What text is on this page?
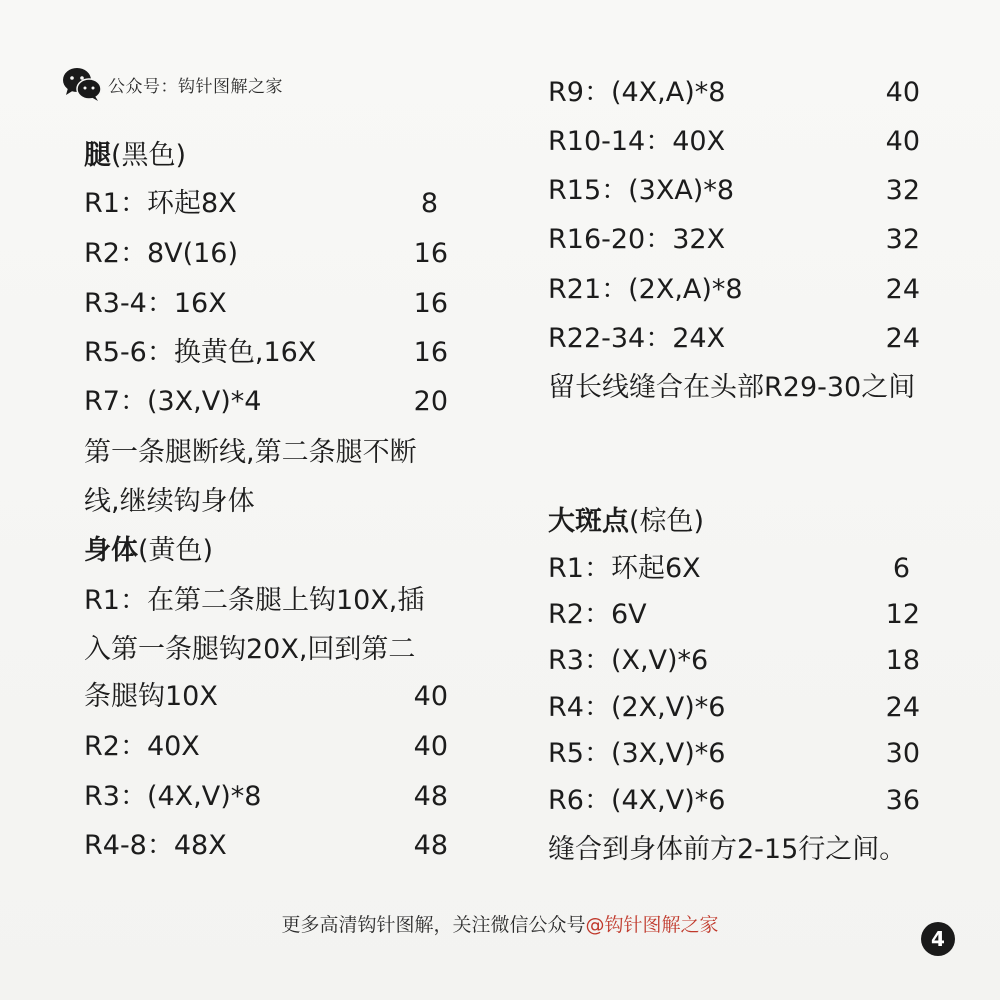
公众号：钩针图解之家
腿(黑色)
R1：环起8X	8
R2：8V(16)	16
R3-4：16X	16
R5-6：换黄色,16X	16
R7：(3X,V)*4	20
第一条腿断线,第二条腿不断
线,继续钩身体
身体(黄色)
R1：在第二条腿上钩10X,插
入第一条腿钩20X,回到第二
条腿钩10X	40
R2：40X	40
R3：(4X,V)*8	48
R4-8：48X	48
R9：(4X,A)*8	40
R10-14：40X	40
R15：(3XA)*8	32
R16-20：32X	32
R21：(2X,A)*8	24
R22-34：24X	24
留长线缝合在头部R29-30之间
大斑点(棕色)
R1：环起6X	6
R2：6V	12
R3：(X,V)*6	18
R4：(2X,V)*6	24
R5：(3X,V)*6	30
R6：(4X,V)*6	36
缝合到身体前方2-15行之间。
更多高清钩针图解，关注微信公众号@钩针图解之家
4
